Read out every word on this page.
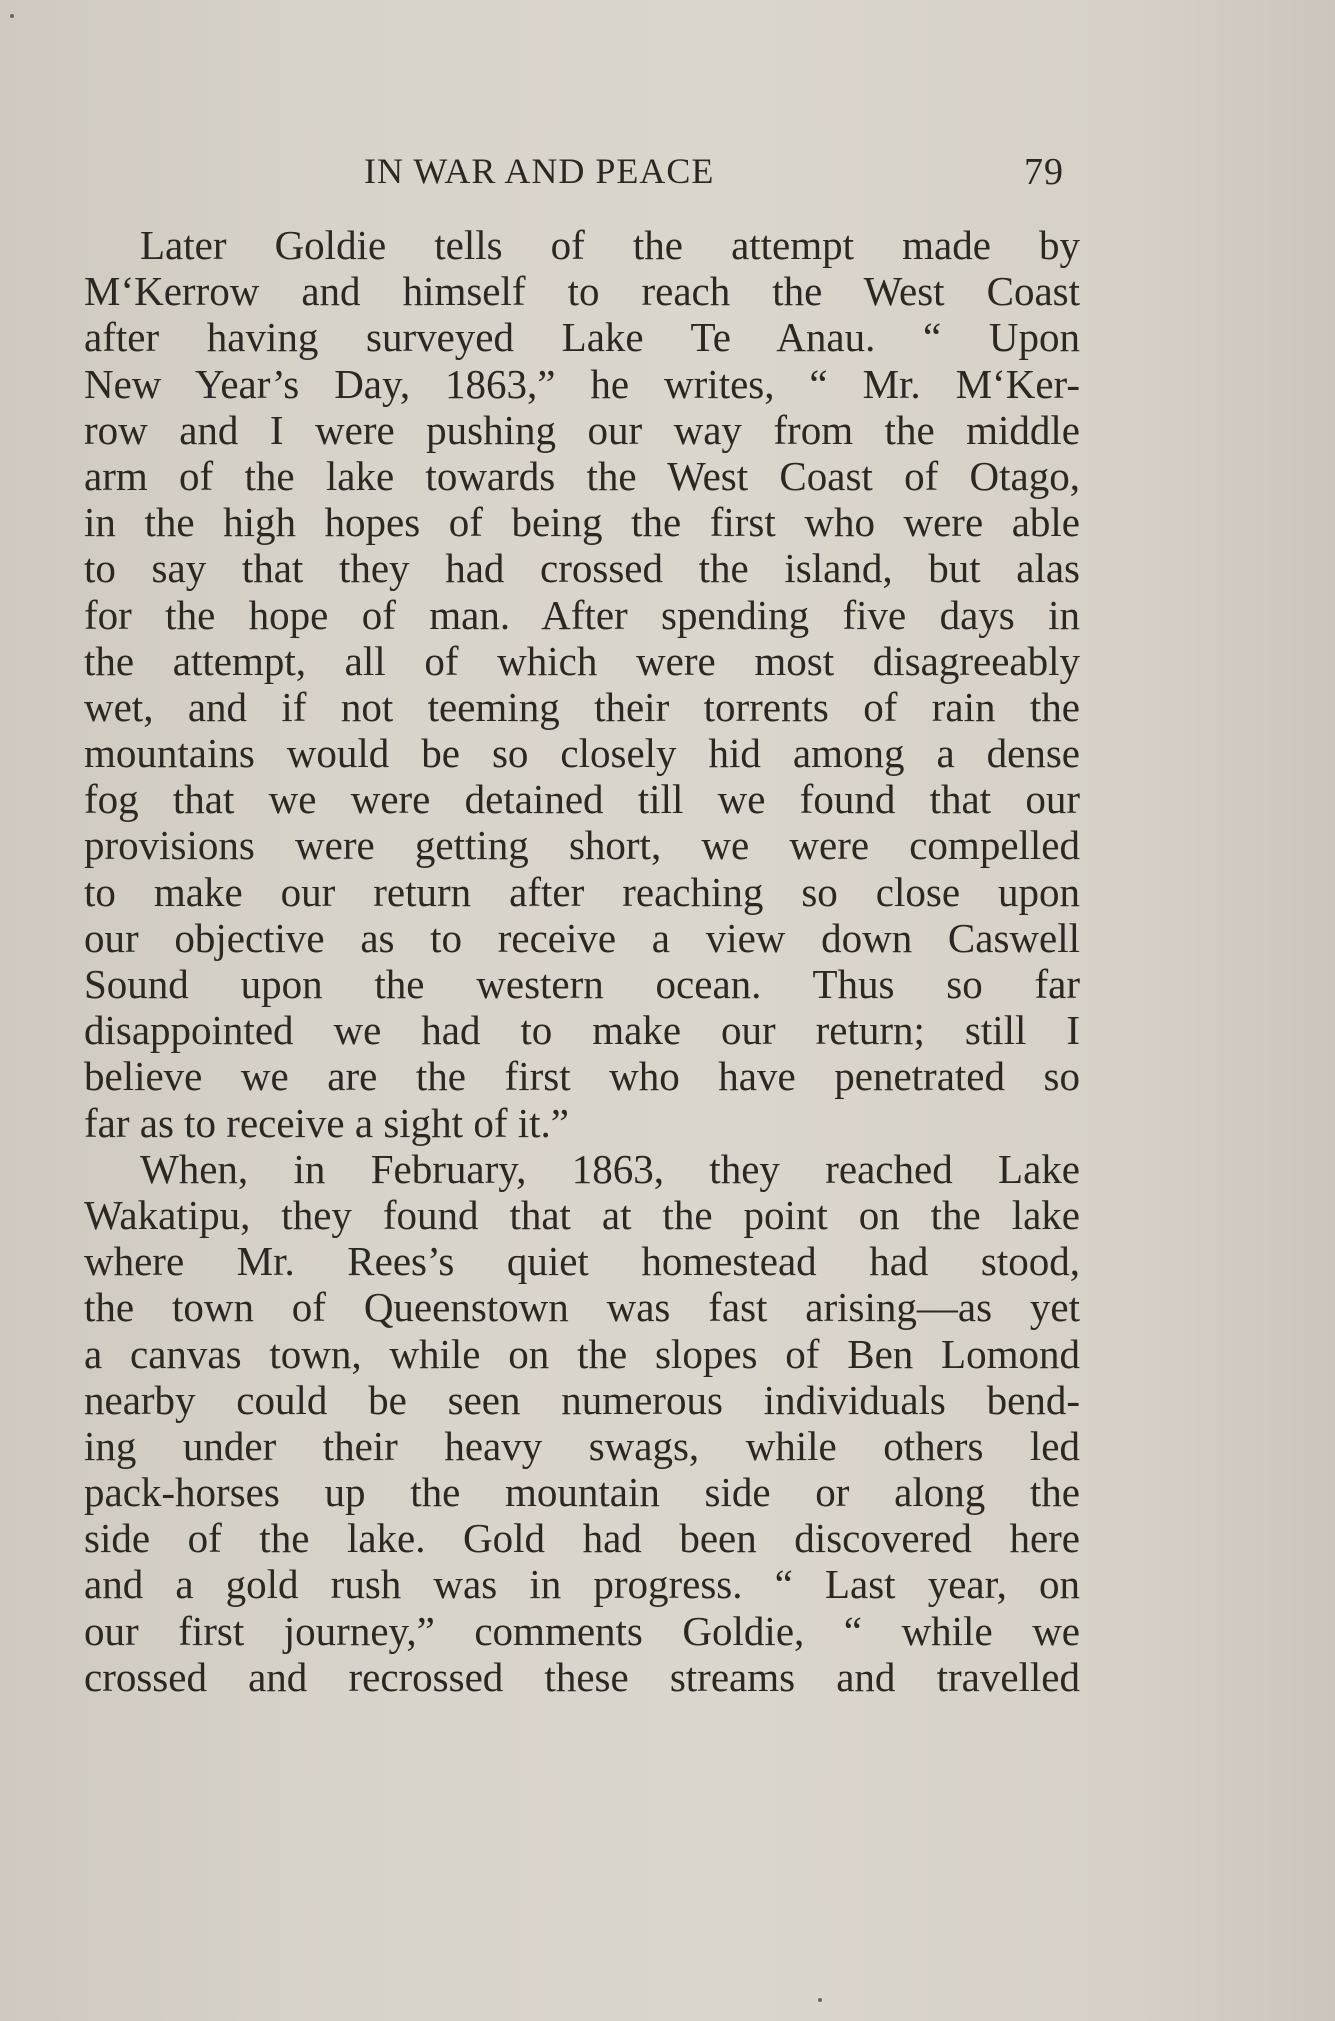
IN WAR AND PEACE	79
Later Goldie tells of the attempt made by
M‘Kerrow and himself to reach the West Coast
after having surveyed Lake Te Anau. “ Upon
New Year’s Day, 1863,” he writes, “ Mr. M‘Ker-
row and I were pushing our way from the middle
arm of the lake towards the West Coast of Otago,
in the high hopes of being the first who were able
to say that they had crossed the island, but alas
for the hope of man. After spending five days in
the attempt, all of which were most disagreeably
wet, and if not teeming their torrents of rain the
mountains would be so closely hid among a dense
fog that we were detained till we found that our
provisions were getting short, we were compelled
to make our return after reaching so close upon
our objective as to receive a view down Caswell
Sound upon the western ocean. Thus so far
disappointed we had to make our return; still I
believe we are the first who have penetrated so
far as to receive a sight of it.”
When, in February, 1863, they reached Lake
Wakatipu, they found that at the point on the lake
where Mr. Rees’s quiet homestead had stood,
the town of Queenstown was fast arising—as yet
a canvas town, while on the slopes of Ben Lomond
nearby could be seen numerous individuals bend-
ing under their heavy swags, while others led
pack-horses up the mountain side or along the
side of the lake. Gold had been discovered here
and a gold rush was in progress. “ Last year, on
our first journey,” comments Goldie, “ while we
crossed and recrossed these streams and travelled
